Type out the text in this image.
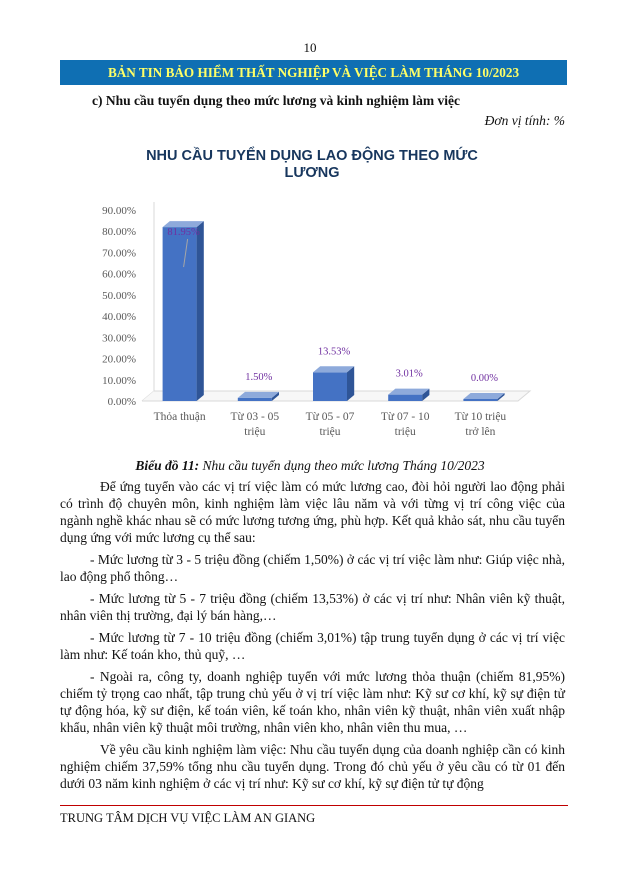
10
BẢN TIN BẢO HIỂM THẤT NGHIỆP VÀ VIỆC LÀM THÁNG 10/2023
c) Nhu cầu tuyển dụng theo mức lương và kinh nghiệm làm việc
Đơn vị tính: %
NHU CẦU TUYỂN DỤNG LAO ĐỘNG THEO MỨC
LƯƠNG
0.00%
10.00%
20.00%
30.00%
40.00%
50.00%
60.00%
70.00%
80.00%
90.00%
81.95%
Thỏa thuận
1.50%
Từ 03 - 05
triệu
13.53%
Từ 05 - 07
triệu
3.01%
Từ 07 - 10
triệu
0.00%
Từ 10 triệu
trở lên
Biểu đồ 11: Nhu cầu tuyển dụng theo mức lương Tháng 10/2023

Để ứng tuyển vào các vị trí việc làm có mức lương cao, đòi hỏi người lao động phải có trình độ chuyên môn, kinh nghiệm làm việc lâu năm và với từng vị trí công việc của ngành nghề khác nhau sẽ có mức lương tương ứng, phù hợp. Kết quả khảo sát, nhu cầu tuyển dụng ứng với mức lương cụ thể sau:

- Mức lương từ 3 - 5 triệu đồng (chiếm 1,50%) ở các vị trí việc làm như: Giúp việc nhà, lao động phổ thông…

- Mức lương từ 5 - 7 triệu đồng (chiếm 13,53%) ở các vị trí như: Nhân viên kỹ thuật, nhân viên thị trường, đại lý bán hàng,…

- Mức lương từ 7 - 10 triệu đồng (chiếm 3,01%) tập trung tuyển dụng ở các vị trí việc làm như: Kế toán kho, thủ quỹ, …

- Ngoài ra, công ty, doanh nghiệp tuyển với mức lương thỏa thuận (chiếm 81,95%) chiếm tỷ trọng cao nhất, tập trung chủ yếu ở vị trí việc làm như: Kỹ sư cơ khí, kỹ sự điện tử tự động hóa, kỹ sư điện, kế toán viên, kế toán kho, nhân viên kỹ thuật, nhân viên xuất nhập khẩu, nhân viên kỹ thuật môi trường, nhân viên kho, nhân viên thu mua, …

Về yêu cầu kinh nghiệm làm việc: Nhu cầu tuyển dụng của doanh nghiệp cần có kinh nghiệm chiếm 37,59% tổng nhu cầu tuyển dụng. Trong đó chủ yếu ở yêu cầu có từ 01 đến dưới 03 năm kinh nghiệm ở các vị trí như: Kỹ sư cơ khí, kỹ sự điện tử tự động

TRUNG TÂM DỊCH VỤ VIỆC LÀM AN GIANG
